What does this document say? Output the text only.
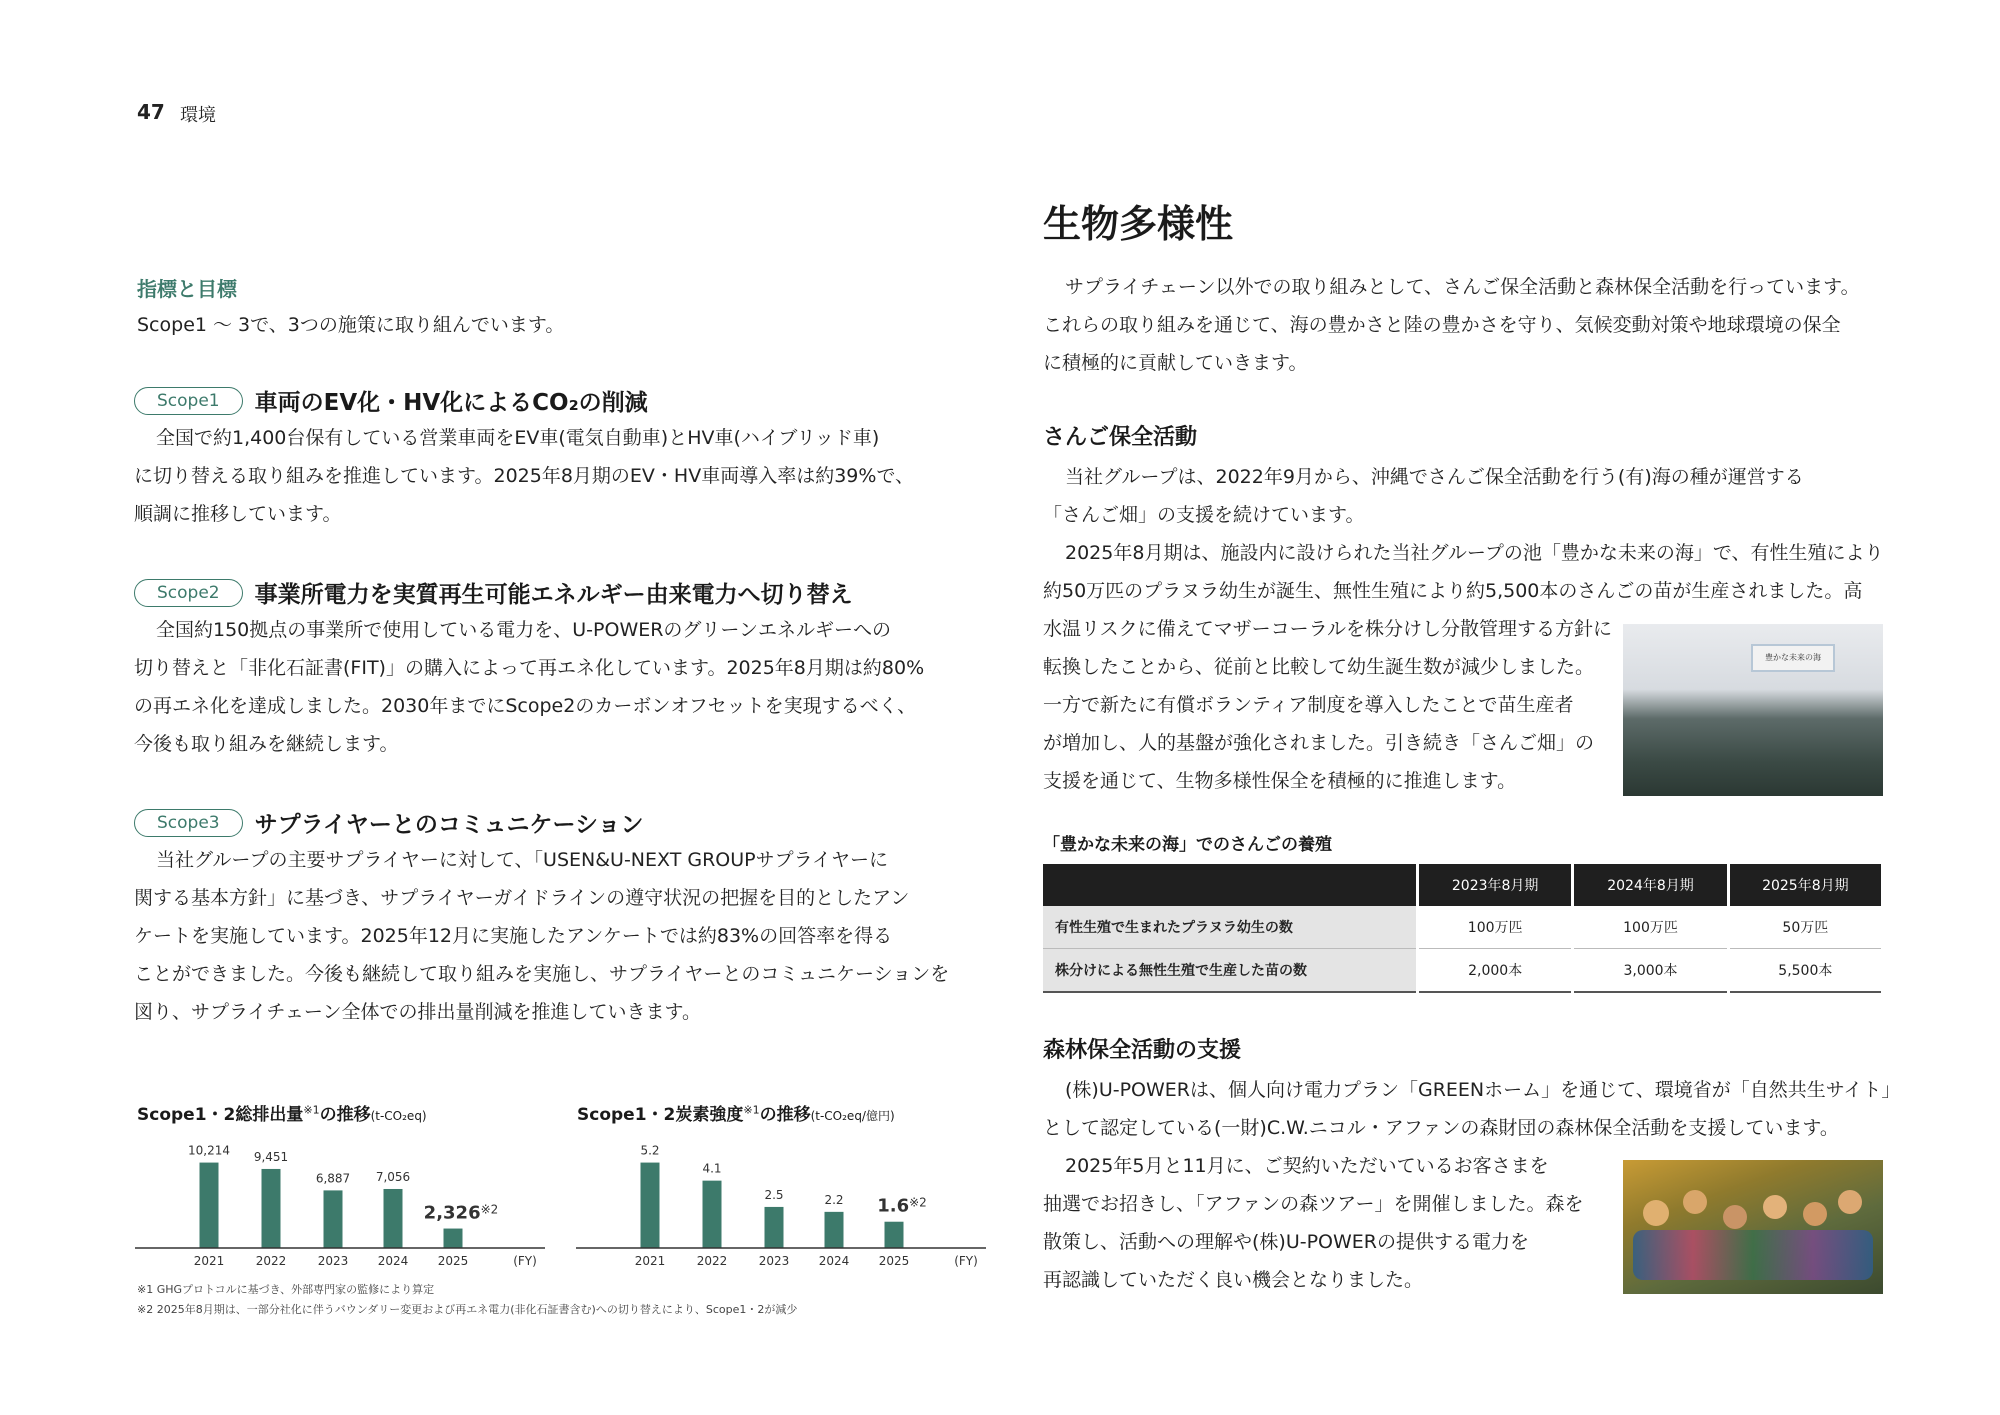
47 環境
指標と目標
Scope1 〜 3で、3つの施策に取り組んでいます。
Scope1	車両のEV化・HV化によるCO₂の削減
全国で約1,400台保有している営業車両をEV車(電気自動車)とHV車(ハイブリッド車)
に切り替える取り組みを推進しています。2025年8月期のEV・HV車両導入率は約39%で、
順調に推移しています。
Scope2	事業所電力を実質再生可能エネルギー由来電力へ切り替え
全国約150拠点の事業所で使用している電力を、U-POWERのグリーンエネルギーへの
切り替えと「非化石証書(FIT)」の購入によって再エネ化しています。2025年8月期は約80%
の再エネ化を達成しました。2030年までにScope2のカーボンオフセットを実現するべく、
今後も取り組みを継続します。
Scope3	サプライヤーとのコミュニケーション
当社グループの主要サプライヤーに対して、「USEN&U-NEXT GROUPサプライヤーに
関する基本方針」に基づき、サプライヤーガイドラインの遵守状況の把握を目的としたアン
ケートを実施しています。2025年12月に実施したアンケートでは約83%の回答率を得る
ことができました。今後も継続して取り組みを実施し、サプライヤーとのコミュニケーションを
図り、サプライチェーン全体での排出量削減を推進していきます。
Scope1・2総排出量$^{※1}$の推移(t-CO₂eq)
10,214
2021
9,451
2022
6,887
2023
7,056
2024
2,326$^{※2}$
2025	(FY)
Scope1・2炭素強度$^{※1}$の推移(t-CO₂eq/億円)
5.2
2021
4.1
2022
2.5
2023
2.2
2024
1.6$^{※2}$
2025	(FY)
※1 GHGプロトコルに基づき、外部専門家の監修により算定
※2 2025年8月期は、一部分社化に伴うバウンダリー変更および再エネ電力(非化石証書含む)への切り替えにより、Scope1・2が減少
生物多様性
サプライチェーン以外での取り組みとして、さんご保全活動と森林保全活動を行っています。
これらの取り組みを通じて、海の豊かさと陸の豊かさを守り、気候変動対策や地球環境の保全
に積極的に貢献していきます。
さんご保全活動
当社グループは、2022年9月から、沖縄でさんご保全活動を行う(有)海の種が運営する
「さんご畑」の支援を続けています。
2025年8月期は、施設内に設けられた当社グループの池「豊かな未来の海」で、有性生殖により
約50万匹のプラヌラ幼生が誕生、無性生殖により約5,500本のさんごの苗が生産されました。高
水温リスクに備えてマザーコーラルを株分けし分散管理する方針に
転換したことから、従前と比較して幼生誕生数が減少しました。
一方で新たに有償ボランティア制度を導入したことで苗生産者
が増加し、人的基盤が強化されました。引き続き「さんご畑」の
支援を通じて、生物多様性保全を積極的に推進します。
豊かな未来の海
「豊かな未来の海」でのさんごの養殖
	2023年8月期	2024年8月期	2025年8月期
有性生殖で生まれたプラヌラ幼生の数	100万匹	100万匹	50万匹
株分けによる無性生殖で生産した苗の数	2,000本	3,000本	5,500本
森林保全活動の支援
(株)U-POWERは、個人向け電力プラン「GREENホーム」を通じて、環境省が「自然共生サイト」
として認定している(一財)C.W.ニコル・アファンの森財団の森林保全活動を支援しています。
2025年5月と11月に、ご契約いただいているお客さまを
抽選でお招きし、「アファンの森ツアー」を開催しました。森を
散策し、活動への理解や(株)U-POWERの提供する電力を
再認識していただく良い機会となりました。
